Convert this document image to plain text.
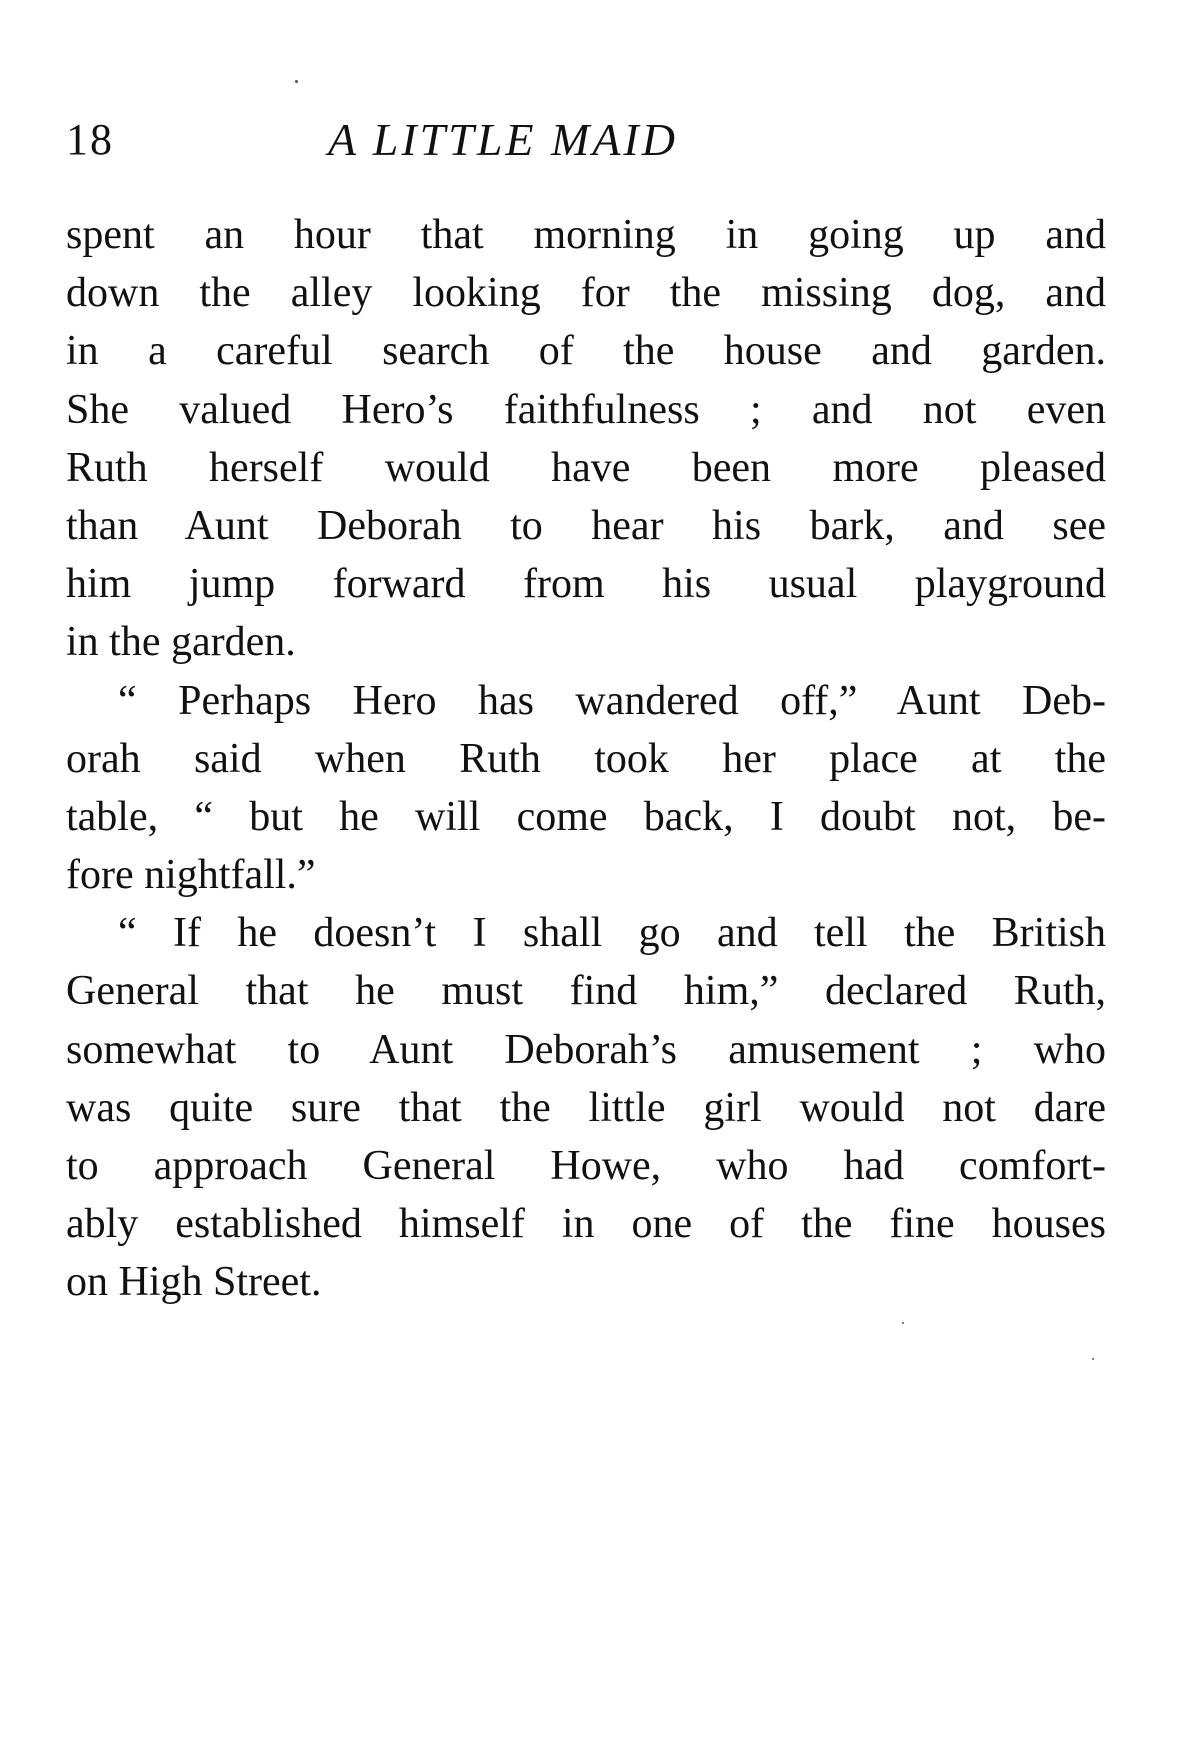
18	A LITTLE MAID
spent an hour that morning in going up and
down the alley looking for the missing dog, and
in a careful search of the house and garden.
She valued Hero’s faithfulness ; and not even
Ruth herself would have been more pleased
than Aunt Deborah to hear his bark, and see
him jump forward from his usual playground
in the garden.
“ Perhaps Hero has wandered off,” Aunt Deb-
orah said when Ruth took her place at the
table, “ but he will come back, I doubt not, be-
fore nightfall.”
“ If he doesn’t I shall go and tell the British
General that he must find him,” declared Ruth,
somewhat to Aunt Deborah’s amusement ; who
was quite sure that the little girl would not dare
to approach General Howe, who had comfort-
ably established himself in one of the fine houses
on High Street.
